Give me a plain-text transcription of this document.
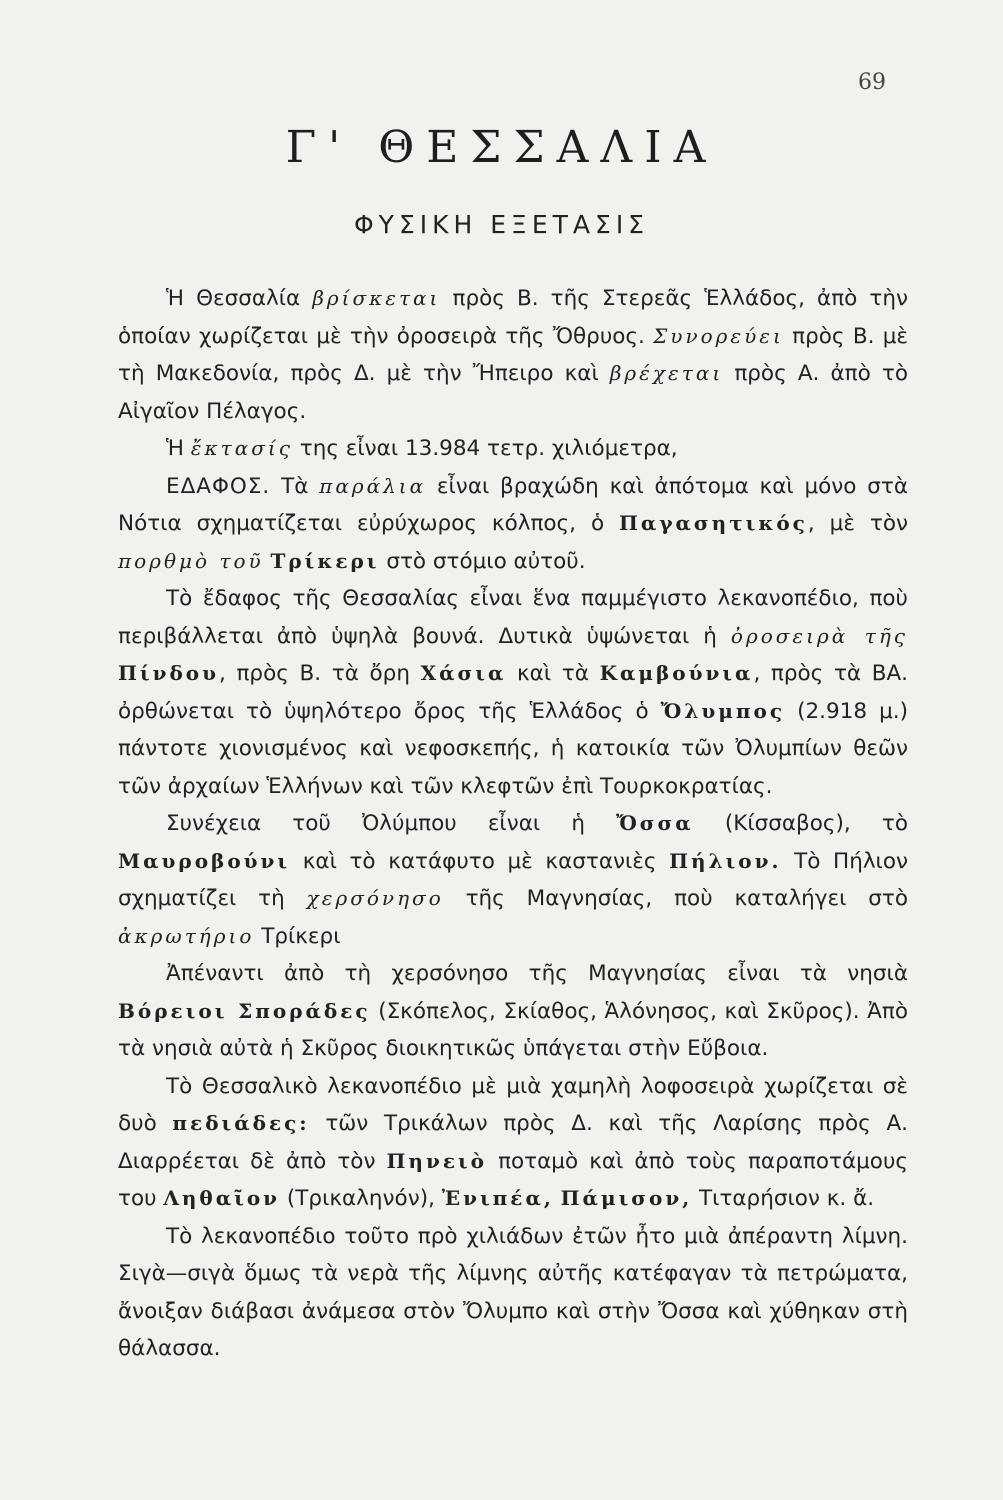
69
Γ' ΘΕΣΣΑΛΙΑ
ΦΥΣΙΚΗ ΕΞΕΤΑΣΙΣ

Ἡ Θεσσαλία βρίσκεται πρὸς Β. τῆς Στερεᾶς Ἑλλάδος, ἀπὸ τὴν ὁποίαν χωρίζεται μὲ τὴν ὀροσειρὰ τῆς Ὄθρυος. Συνορεύει πρὸς Β. μὲ τὴ Μακεδονία, πρὸς Δ. μὲ τὴν Ἤπειρο καὶ βρέχεται πρὸς Α. ἀπὸ τὸ Αἰγαῖον Πέλαγος.

Ἡ ἔκτασίς της εἶναι 13.984 τετρ. χιλιόμετρα,

ΕΔΑΦΟΣ. Τὰ παράλια εἶναι βραχώδη καὶ ἀπότομα καὶ μόνο στὰ Νότια σχηματίζεται εὐρύχωρος κόλπος, ὁ Παγασητικός, μὲ τὸν πορθμὸ τοῦ Τρίκερι στὸ στόμιο αὐτοῦ.

Τὸ ἔδαφος τῆς Θεσσαλίας εἶναι ἕνα παμμέγιστο λεκανοπέδιο, ποὺ περιβάλλεται ἀπὸ ὑψηλὰ βουνά. Δυτικὰ ὑψώνεται ἡ ὀροσειρὰ τῆς Πίνδου, πρὸς Β. τὰ ὄρη Χάσια καὶ τὰ Καμβούνια, πρὸς τὰ ΒΑ. ὀρθώνεται τὸ ὑψηλότερο ὄρος τῆς Ἑλλάδος ὁ Ὄλυμπος (2.918 μ.) πάντοτε χιονισμένος καὶ νεφοσκεπής, ἡ κατοικία τῶν Ὀλυμπίων θεῶν τῶν ἀρχαίων Ἑλλήνων καὶ τῶν κλεφτῶν ἐπὶ Τουρκοκρατίας.

Συνέχεια τοῦ Ὀλύμπου εἶναι ἡ Ὄσσα (Κίσσαβος), τὸ Μαυροβούνι καὶ τὸ κατάφυτο μὲ καστανιὲς Πήλιον. Τὸ Πήλιον σχηματίζει τὴ χερσόνησο τῆς Μαγνησίας, ποὺ καταλήγει στὸ ἀκρωτήριο Τρίκερι

Ἀπέναντι ἀπὸ τὴ χερσόνησο τῆς Μαγνησίας εἶναι τὰ νησιὰ Βόρειοι Σποράδες (Σκόπελος, Σκίαθος, Ἁλόνησος, καὶ Σκῦρος). Ἀπὸ τὰ νησιὰ αὐτὰ ἡ Σκῦρος διοικητικῶς ὑπάγεται στὴν Εὔβοια.

Τὸ Θεσσαλικὸ λεκανοπέδιο μὲ μιὰ χαμηλὴ λοφοσειρὰ χωρίζεται σὲ δυὸ πεδιάδες: τῶν Τρικάλων πρὸς Δ. καὶ τῆς Λαρίσης πρὸς Α. Διαρρέεται δὲ ἀπὸ τὸν Πηνειὸ ποταμὸ καὶ ἀπὸ τοὺς παραποτάμους του Ληθαῖον (Τρικαληνόν), Ἐνιπέα, Πάμισον, Τιταρήσιον κ. ἄ.

Τὸ λεκανοπέδιο τοῦτο πρὸ χιλιάδων ἐτῶν ἦτο μιὰ ἀπέραντη λίμνη. Σιγὰ—σιγὰ ὅμως τὰ νερὰ τῆς λίμνης αὐτῆς κατέφαγαν τὰ πετρώματα, ἄνοιξαν διάβασι ἀνάμεσα στὸν Ὄλυμπο καὶ στὴν Ὄσσα καὶ χύθηκαν στὴ θάλασσα.
